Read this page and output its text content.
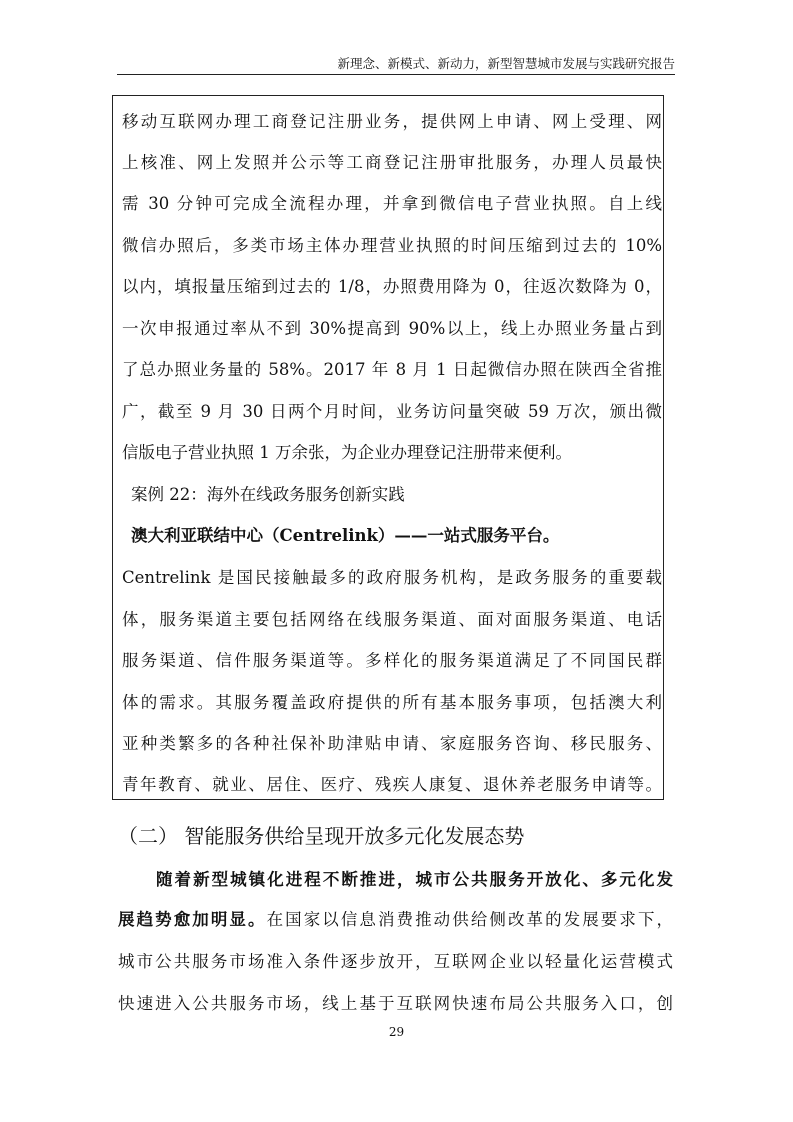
新理念、新模式、新动力，新型智慧城市发展与实践研究报告
移动互联网办理工商登记注册业务，提供网上申请、网上受理、网
上核准、网上发照并公示等工商登记注册审批服务，办理人员最快
需 30 分钟可完成全流程办理，并拿到微信电子营业执照。自上线
微信办照后，多类市场主体办理营业执照的时间压缩到过去的 10%
以内，填报量压缩到过去的 1/8，办照费用降为 0，往返次数降为 0，
一次申报通过率从不到 30%提高到 90%以上，线上办照业务量占到
了总办照业务量的 58%。2017 年 8 月 1 日起微信办照在陕西全省推
广，截至 9 月 30 日两个月时间，业务访问量突破 59 万次，颁出微
信版电子营业执照 1 万余张，为企业办理登记注册带来便利。
案例 22：海外在线政务服务创新实践
澳大利亚联结中心（Centrelink）——一站式服务平台。
Centrelink 是国民接触最多的政府服务机构，是政务服务的重要载
体，服务渠道主要包括网络在线服务渠道、面对面服务渠道、电话
服务渠道、信件服务渠道等。多样化的服务渠道满足了不同国民群
体的需求。其服务覆盖政府提供的所有基本服务事项，包括澳大利
亚种类繁多的各种社保补助津贴申请、家庭服务咨询、移民服务、
青年教育、就业、居住、医疗、残疾人康复、退休养老服务申请等。
（二） 智能服务供给呈现开放多元化发展态势
随着新型城镇化进程不断推进，城市公共服务开放化、多元化发
展趋势愈加明显。在国家以信息消费推动供给侧改革的发展要求下，
城市公共服务市场准入条件逐步放开，互联网企业以轻量化运营模式
快速进入公共服务市场，线上基于互联网快速布局公共服务入口，创
29
